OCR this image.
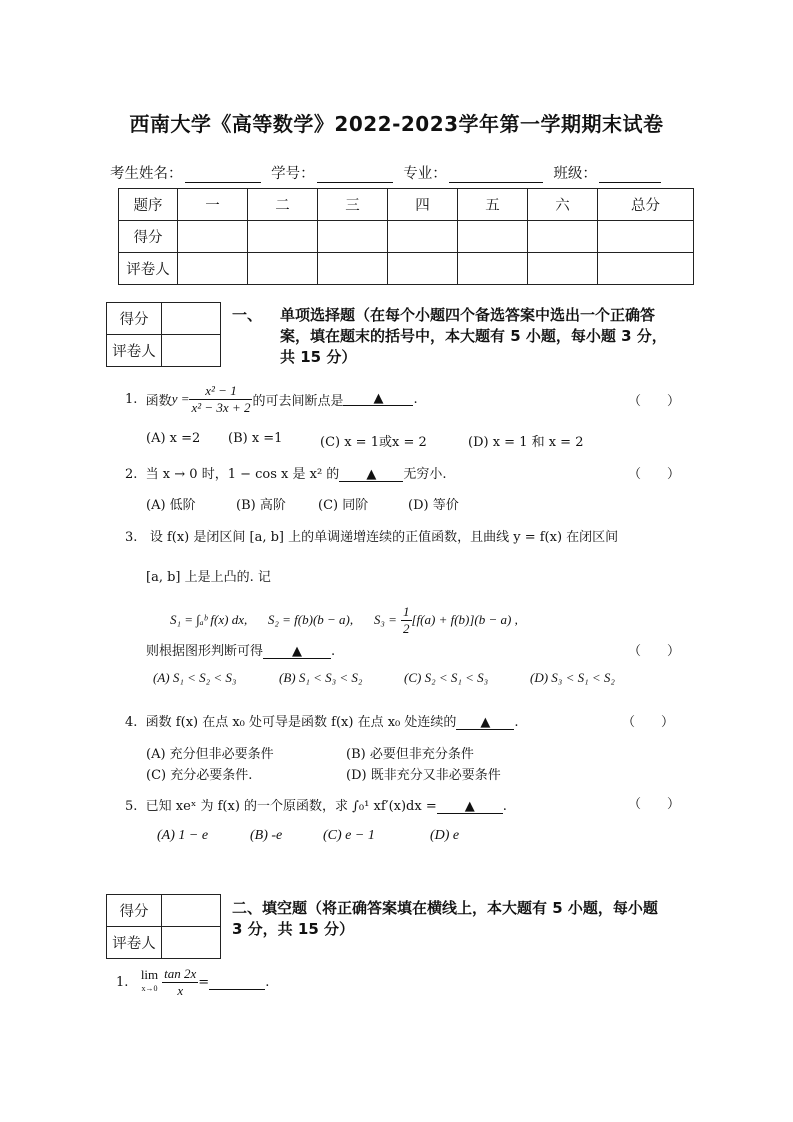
西南大学《高等数学》2022-2023学年第一学期期末试卷
考生姓名：	学号：	专业：	班级：
题序	一	二	三	四	五	六	总分
得分							
评卷人							
得分	
评卷人	
一、 单项选择题（在每个小题四个备选答案中选出一个正确答
案，填在题末的括号中，本大题有 5 小题，每小题 3 分，
共 15 分）
1.
函数 $y = \frac{\text{x² − 1}}{\text{x² − 3x + 2}}$ 的可去间断点是	▲	.	（　　）
(A) x =2 (B) x =1	(C) x = 1或x = 2	(D) x = 1 和 x = 2
2. 当 x → 0 时，1 − cos x 是 x² 的 ▲ 无穷小.	（　　）
(A) 低阶	(B) 高阶 (C) 同阶	(D) 等价
3. 设 f(x) 是闭区间 [a, b] 上的单调递增连续的正值函数，且曲线 y = f(x) 在闭区间
[a, b] 上是上凸的. 记
S₁ = ∫ₐᵇ f(x) dx,
S₂ = f(b)(b − a),
S₃ =
$\frac{1}{2} [f(a) + f(b)](b - a)$ ,
则根据图形判断可得 ▲ .	（　　）
(A) S₁ < S₂ < S₃	(B) S₁ < S₃ < S₂	(C) S₂ < S₁ < S₃	(D) S₃ < S₁ < S₂
4. 函数 f(x) 在点 x₀ 处可导是函数 f(x) 在点 x₀ 处连续的 ▲ .	（　　）
(A) 充分但非必要条件	(B) 必要但非充分条件
(C) 充分必要条件.	(D) 既非充分又非必要条件
5. 已知 xeˣ 为 f(x) 的一个原函数，求 ∫₀¹ xf′(x)dx = ▲ .	（　　）
(A) 1 − e	(B) -e	(C) e − 1	(D) e
得分	
评卷人	
二、填空题（将正确答案填在横线上，本大题有 5 小题，每小题
3 分，共 15 分）
1.
lim
$x\to 0 \frac{\tan 2x}{x}$ =	.
